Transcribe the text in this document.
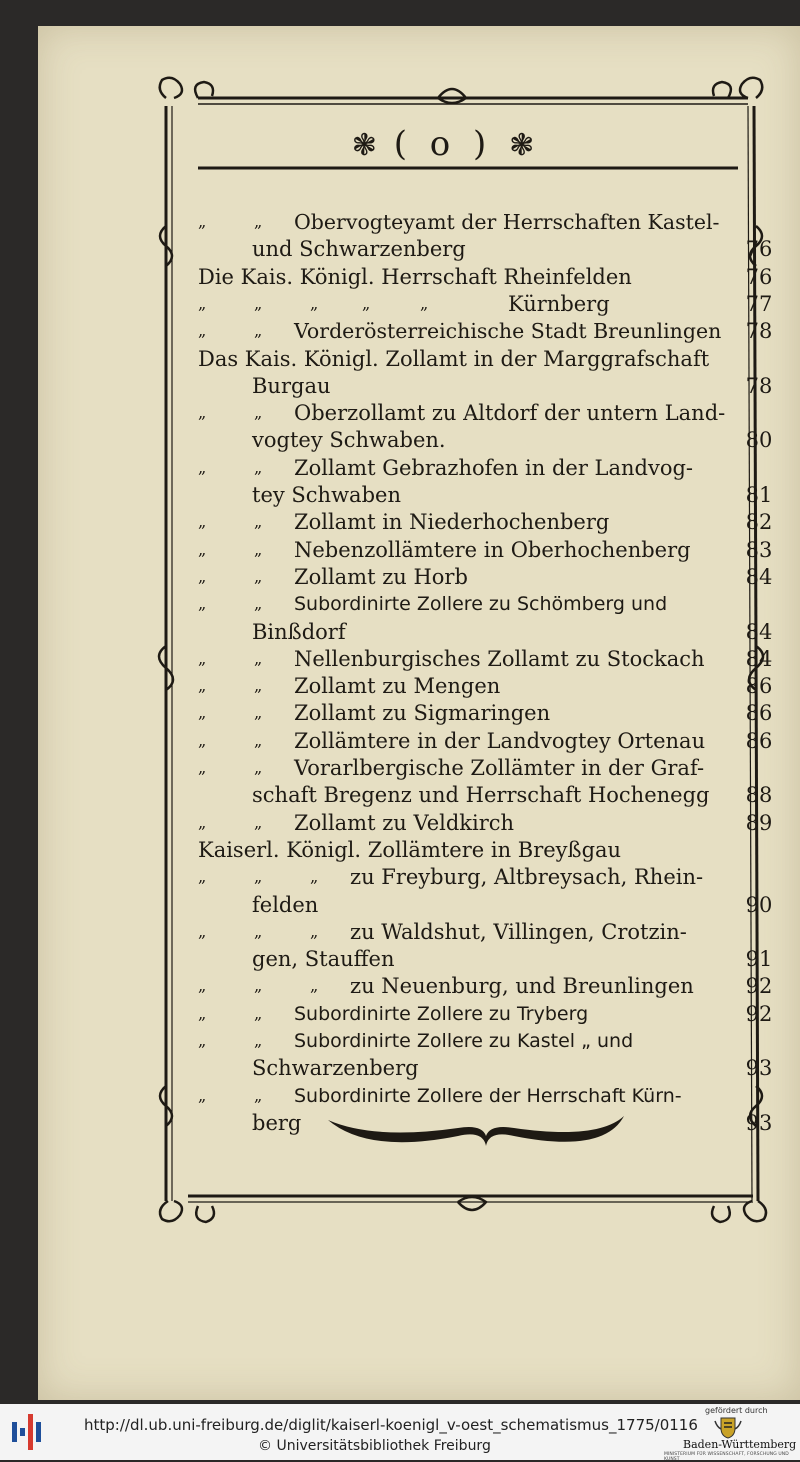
❃ ( o ) ❃
„	„ Obervogteyamt der Herrschaften Kastel-
und Schwarzenberg	76
Die Kais. Königl. Herrschaft Rheinfelden	76
„	„	„	„	„	Kürnberg	77
„	„ Vorderösterreichische Stadt Breunlingen	78
Das Kais. Königl. Zollamt in der Marggrafschaft
Burgau	78
„	„ Oberzollamt zu Altdorf der untern Land-
vogtey Schwaben.	80
„	„ Zollamt Gebrazhofen in der Landvog-
tey Schwaben	81
„	„ Zollamt in Niederhochenberg	82
„	„ Nebenzollämtere in Oberhochenberg	83
„	„ Zollamt zu Horb	84
„	„ Subordinirte Zollere zu Schömberg und
Binßdorf	84
„	„ Nellenburgisches Zollamt zu Stockach	84
„	„ Zollamt zu Mengen	86
„	„ Zollamt zu Sigmaringen	86
„	„ Zollämtere in der Landvogtey Ortenau	86
„	„ Vorarlbergische Zollämter in der Graf-
schaft Bregenz und Herrschaft Hochenegg	88
„	„ Zollamt zu Veldkirch	89
Kaiserl. Königl. Zollämtere in Breyßgau
„	„	„ zu Freyburg, Altbreysach, Rhein-
felden	90
„	„	„ zu Waldshut, Villingen, Crotzin-
gen, Stauffen	91
„	„	„ zu Neuenburg, und Breunlingen	92
„	„ Subordinirte Zollere zu Tryberg	92
„	„ Subordinirte Zollere zu Kastel „ und
Schwarzenberg	93
„	„ Subordinirte Zollere der Herrschaft Kürn-
berg	93
http://dl.ub.uni-freiburg.de/diglit/kaiserl-koenigl_v-oest_schematismus_1775/0116
© Universitätsbibliothek Freiburg
gefördert durch
Baden-Württemberg
MINISTERIUM FÜR WISSENSCHAFT, FORSCHUNG UND KUNST
